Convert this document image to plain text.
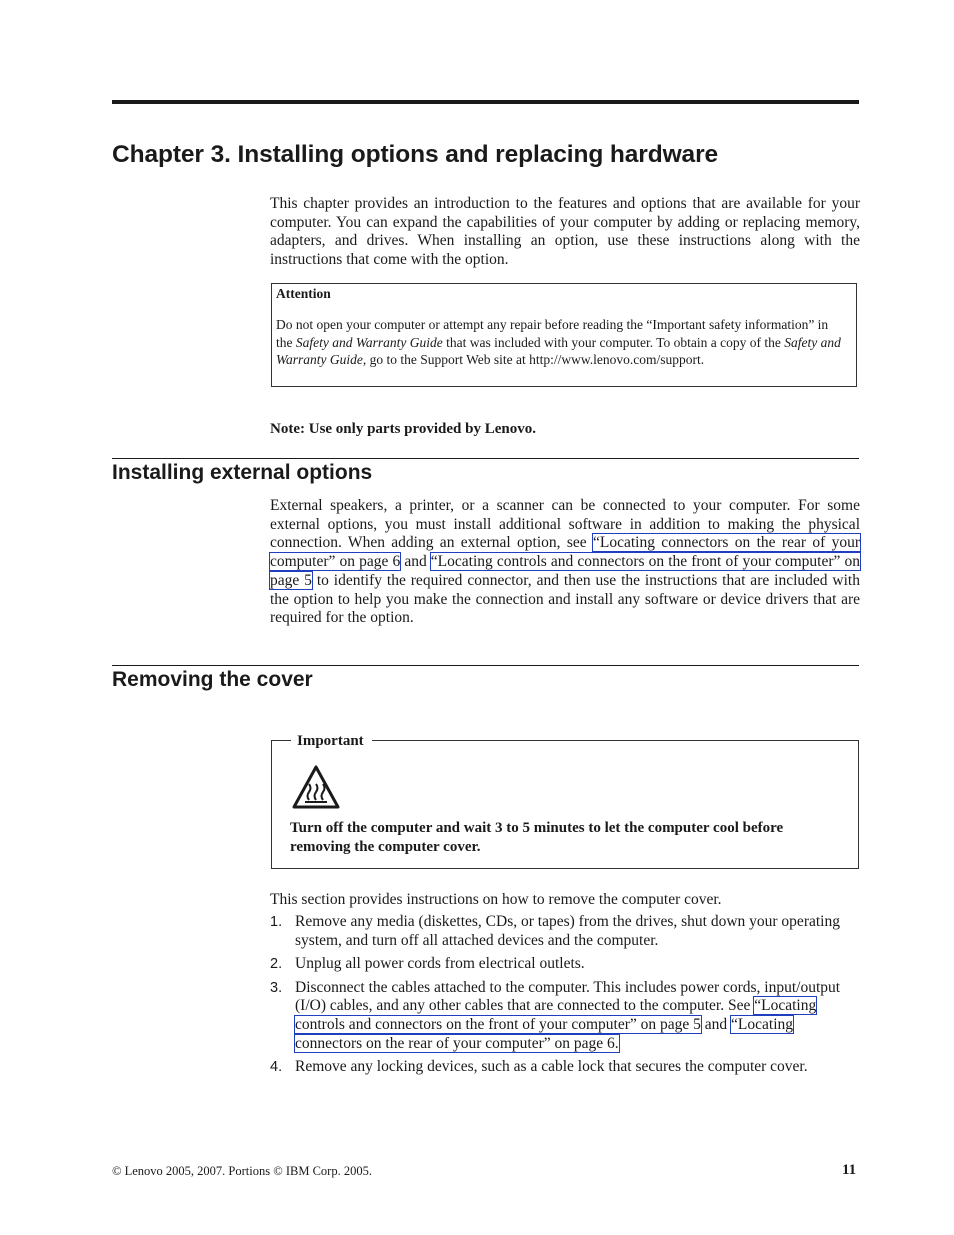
Chapter 3. Installing options and replacing hardware

This chapter provides an introduction to the features and options that are available for your computer. You can expand the capabilities of your computer by adding or replacing memory, adapters, and drives. When installing an option, use these instructions along with the instructions that come with the option.

Attention

Do not open your computer or attempt any repair before reading the “Important safety information” in the Safety and Warranty Guide that was included with your computer. To obtain a copy of the Safety and Warranty Guide, go to the Support Web site at http://www.lenovo.com/support.

Note: Use only parts provided by Lenovo.
Installing external options

External speakers, a printer, or a scanner can be connected to your computer. For some external options, you must install additional software in addition to making the physical connection. When adding an external option, see “Locating connectors on the rear of your computer” on page 6 and “Locating controls and connectors on the front of your computer” on page 5 to identify the required connector, and then use the instructions that are included with the option to help you make the connection and install any software or device drivers that are required for the option.

Removing the cover
Important

Turn off the computer and wait 3 to 5 minutes to let the computer cool before removing the computer cover.

This section provides instructions on how to remove the computer cover.

1. Remove any media (diskettes, CDs, or tapes) from the drives, shut down your operating system, and turn off all attached devices and the computer.
2. Unplug all power cords from electrical outlets.
3. Disconnect the cables attached to the computer. This includes power cords, input/output (I/O) cables, and any other cables that are connected to the computer. See “Locating controls and connectors on the front of your computer” on page 5 and “Locating connectors on the rear of your computer” on page 6.
4. Remove any locking devices, such as a cable lock that secures the computer cover.
© Lenovo 2005, 2007. Portions © IBM Corp. 2005.	11
